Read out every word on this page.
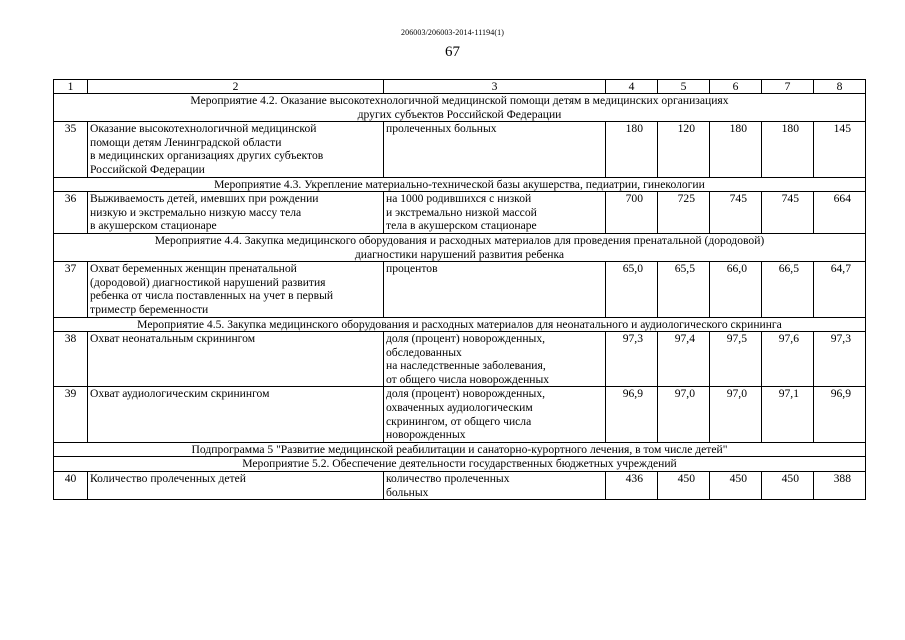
206003/206003-2014-11194(1)
67
1	2	3	4	5	6	7	8

Мероприятие 4.2. Оказание высокотехнологичной медицинской помощи детям в медицинских организациях
других субъектов Российской Федерации							

35	Оказание высокотехнологичной медицинской
помощи детям Ленинградской области
в медицинских организациях других субъектов
Российской Федерации	пролеченных больных	180	120	180	180	145

Мероприятие 4.3. Укрепление материально-технической базы акушерства, педиатрии, гинекологии							

36	Выживаемость детей, имевших при рождении
низкую и экстремально низкую массу тела
в акушерском стационаре	на 1000 родившихся с низкой
и экстремально низкой массой
тела в акушерском стационаре	700	725	745	745	664

Мероприятие 4.4. Закупка медицинского оборудования и расходных материалов для проведения пренатальной (дородовой)
диагностики нарушений развития ребенка							

37	Охват беременных женщин пренатальной
(дородовой) диагностикой нарушений развития
ребенка от числа поставленных на учет в первый
триместр беременности	процентов	65,0	65,5	66,0	66,5	64,7

Мероприятие 4.5. Закупка медицинского оборудования и расходных материалов для неонатального и аудиологического скрининга							

38	Охват неонатальным скринингом	доля (процент) новорожденных,
обследованных
на наследственные заболевания,
от общего числа новорожденных	97,3	97,4	97,5	97,6	97,3
39	Охват аудиологическим скринингом	доля (процент) новорожденных,
охваченных аудиологическим
скринингом, от общего числа
новорожденных	96,9	97,0	97,0	97,1	96,9

Подпрограмма 5 "Развитие медицинской реабилитации и санаторно-курортного лечения, в том числе детей"							

Мероприятие 5.2. Обеспечение деятельности государственных бюджетных учреждений							

40	Количество пролеченных детей	количество пролеченных
больных	436	450	450	450	388
